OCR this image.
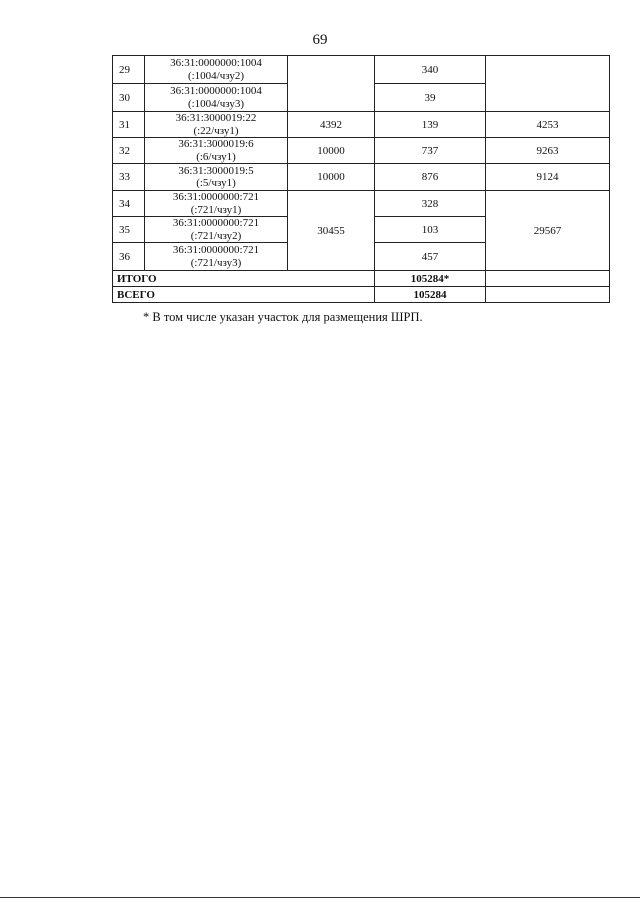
69
29	36:31:0000000:1004
(:1004/чзу2)		340	
30	36:31:0000000:1004
(:1004/чзу3)		39	
31	36:31:3000019:22
(:22/чзу1)	4392	139	4253
32	36:31:3000019:6
(:6/чзу1)	10000	737	9263
33	36:31:3000019:5
(:5/чзу1)	10000	876	9124
34	36:31:0000000:721
(:721/чзу1)	30455	328	29567
35	36:31:0000000:721
(:721/чзу2)		103	
36	36:31:0000000:721
(:721/чзу3)		457	
ИТОГО			105284*	
ВСЕГО			105284	
* В том числе указан участок для размещения ШРП.
